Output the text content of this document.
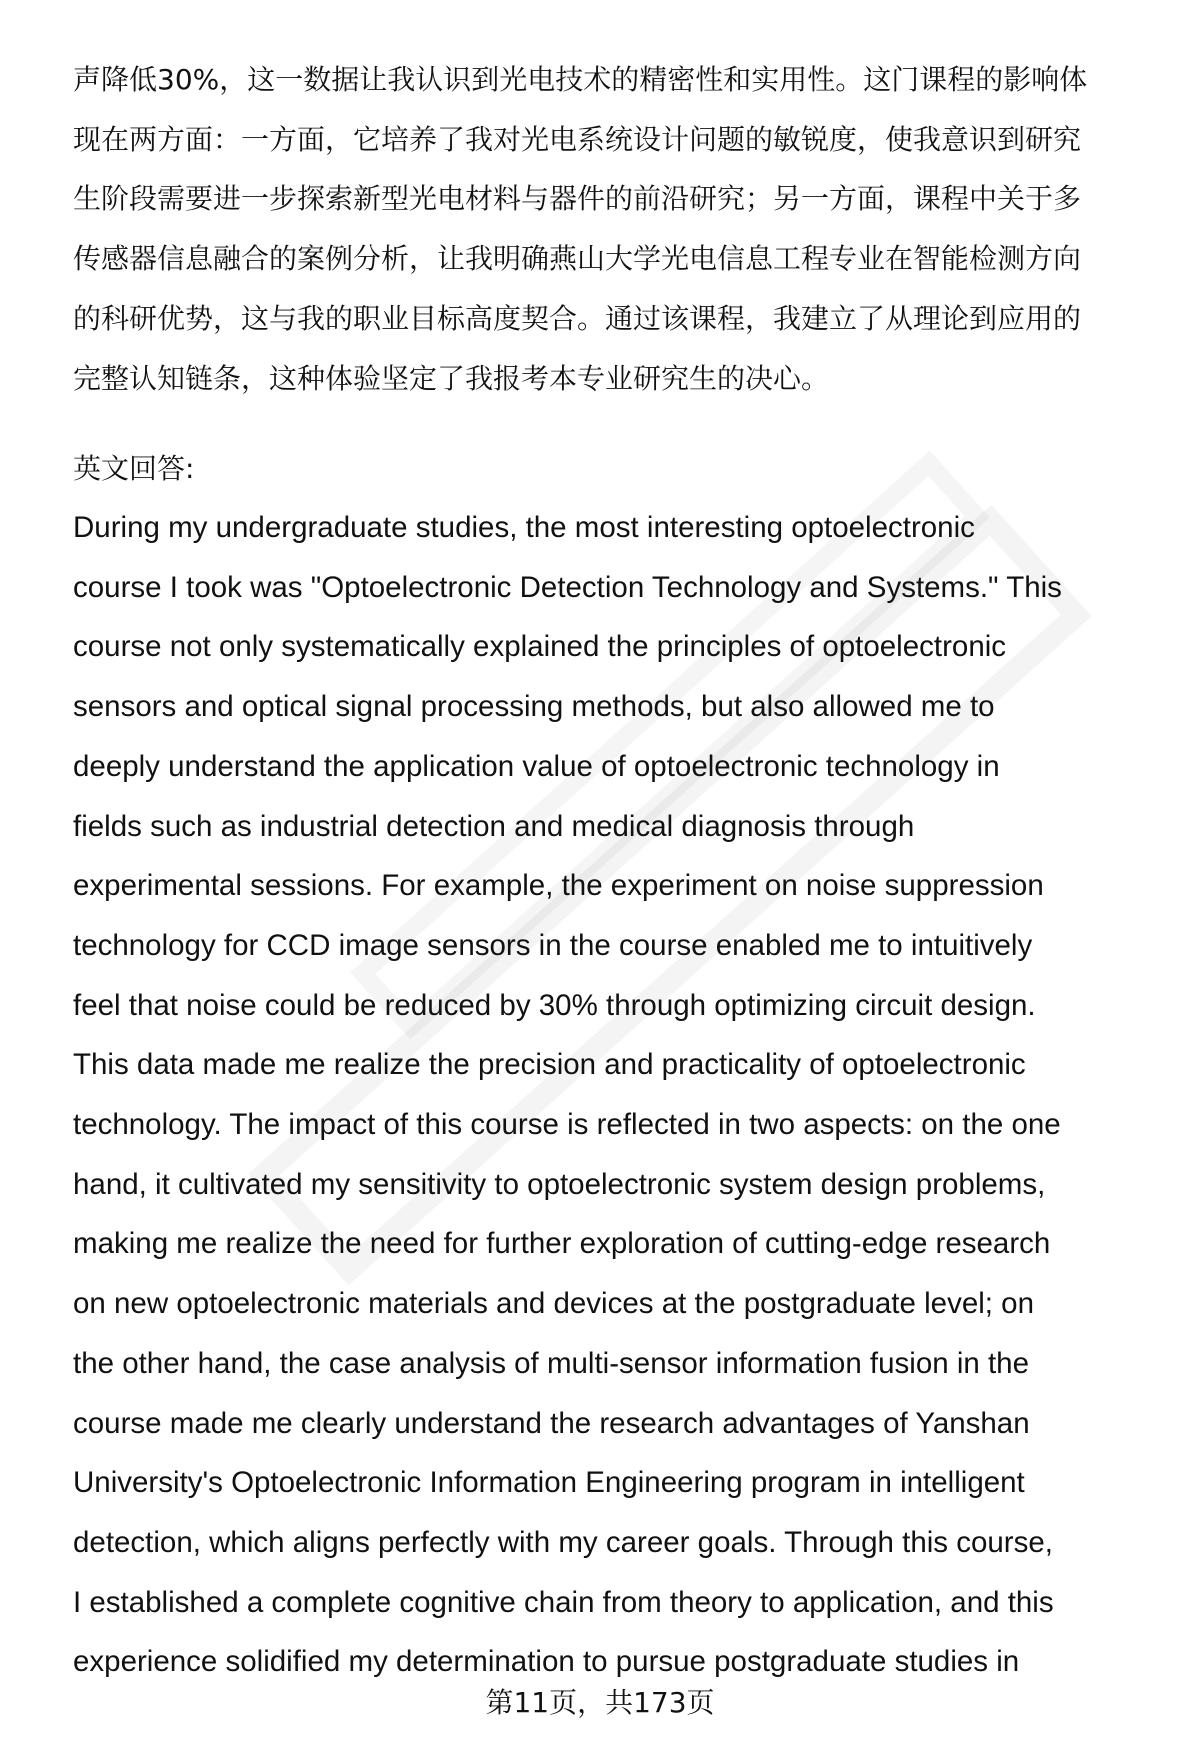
声降低30%，这一数据让我认识到光电技术的精密性和实用性。这门课程的影响体
现在两方面：一方面，它培养了我对光电系统设计问题的敏锐度，使我意识到研究
生阶段需要进一步探索新型光电材料与器件的前沿研究；另一方面，课程中关于多
传感器信息融合的案例分析，让我明确燕山大学光电信息工程专业在智能检测方向
的科研优势，这与我的职业目标高度契合。通过该课程，我建立了从理论到应用的
完整认知链条，这种体验坚定了我报考本专业研究生的决心。
英文回答:
During my undergraduate studies, the most interesting optoelectronic
course I took was "Optoelectronic Detection Technology and Systems." This
course not only systematically explained the principles of optoelectronic
sensors and optical signal processing methods, but also allowed me to
deeply understand the application value of optoelectronic technology in
fields such as industrial detection and medical diagnosis through
experimental sessions. For example, the experiment on noise suppression
technology for CCD image sensors in the course enabled me to intuitively
feel that noise could be reduced by 30% through optimizing circuit design.
This data made me realize the precision and practicality of optoelectronic
technology. The impact of this course is reflected in two aspects: on the one
hand, it cultivated my sensitivity to optoelectronic system design problems,
making me realize the need for further exploration of cutting-edge research
on new optoelectronic materials and devices at the postgraduate level; on
the other hand, the case analysis of multi-sensor information fusion in the
course made me clearly understand the research advantages of Yanshan
University's Optoelectronic Information Engineering program in intelligent
detection, which aligns perfectly with my career goals. Through this course,
I established a complete cognitive chain from theory to application, and this
experience solidified my determination to pursue postgraduate studies in
第11页，共173页
